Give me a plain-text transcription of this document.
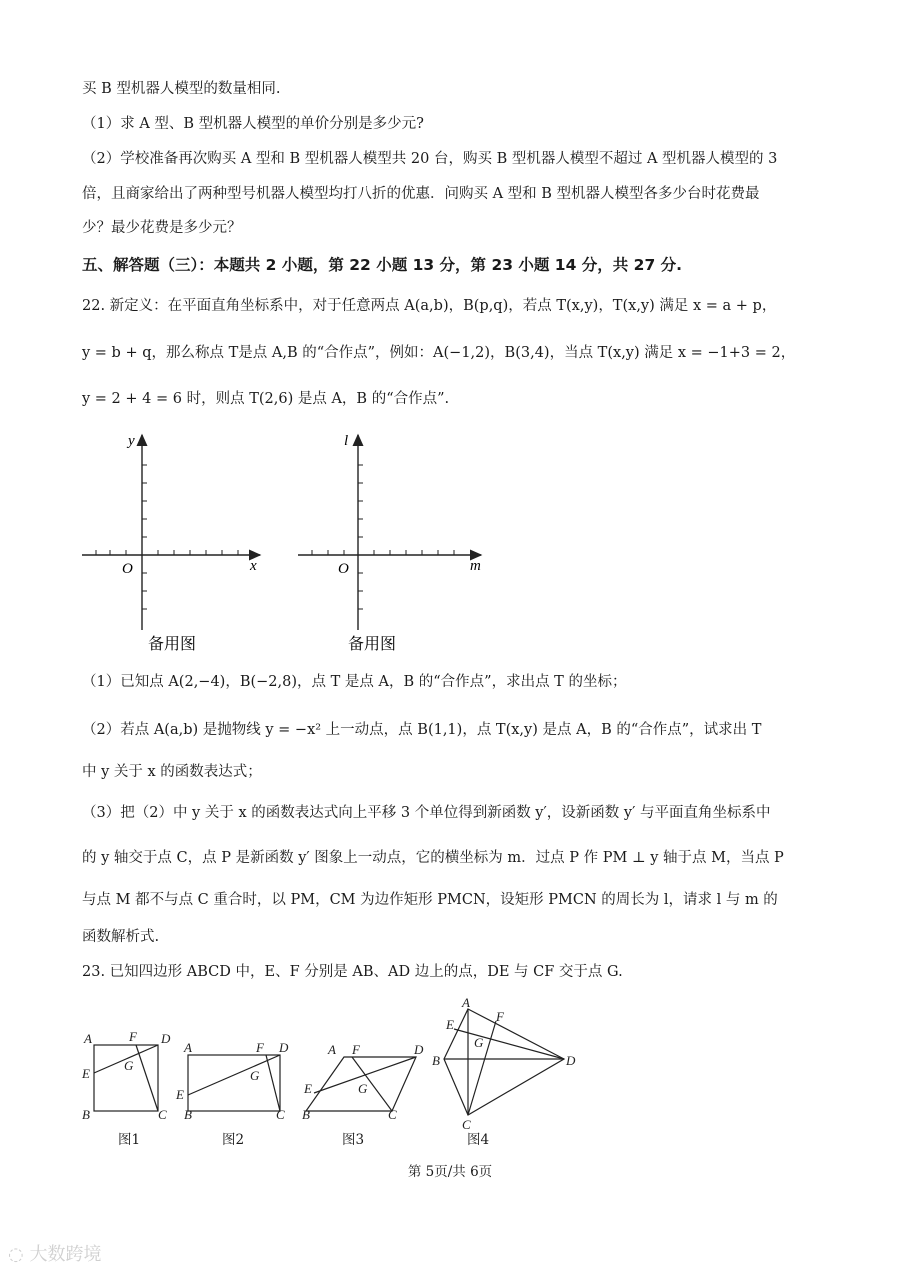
买 B 型机器人模型的数量相同.
（1）求 A 型、B 型机器人模型的单价分别是多少元?
（2）学校准备再次购买 A 型和 B 型机器人模型共 20 台，购买 B 型机器人模型不超过 A 型机器人模型的 3
倍，且商家给出了两种型号机器人模型均打八折的优惠．问购买 A 型和 B 型机器人模型各多少台时花费最
少？最少花费是多少元？
五、解答题（三）：本题共 2 小题，第 22 小题 13 分，第 23 小题 14 分，共 27 分.
22. 新定义：在平面直角坐标系中，对于任意两点 A(a,b)，B(p,q)，若点 T(x,y)，T(x,y) 满足 x = a + p，
y = b + q，那么称点 T是点 A,B 的“合作点”，例如：A(−1,2)，B(3,4)，当点 T(x,y) 满足 x = −1+3 = 2，
y = 2 + 4 = 6 时，则点 T(2,6) 是点 A，B 的“合作点”.
y
x
O
备用图
l
m
O
备用图
（1）已知点 A(2,−4)，B(−2,8)，点 T 是点 A，B 的“合作点”，求出点 T 的坐标；
（2）若点 A(a,b) 是抛物线 y = −x² 上一动点，点 B(1,1)，点 T(x,y) 是点 A，B 的“合作点”，试求出 T
中 y 关于 x 的函数表达式；
（3）把（2）中 y 关于 x 的函数表达式向上平移 3 个单位得到新函数 y′，设新函数 y′ 与平面直角坐标系中
的 y 轴交于点 C，点 P 是新函数 y′ 图象上一动点，它的横坐标为 m．过点 P 作 PM ⊥ y 轴于点 M，当点 P
与点 M 都不与点 C 重合时，以 PM，CM 为边作矩形 PMCN，设矩形 PMCN 的周长为 l，请求 l 与 m 的
函数解析式.
23. 已知四边形 ABCD 中，E、F 分别是 AB、AD 边上的点，DE 与 CF 交于点 G.
A	F D
E
G
B	C
A	F D
E
G
B	C
A F	D
E	G
B	C
A
F
E
G
B	D
C
图1	图2	图3	图4
第 5页/共 6页
◌ 大数跨境
